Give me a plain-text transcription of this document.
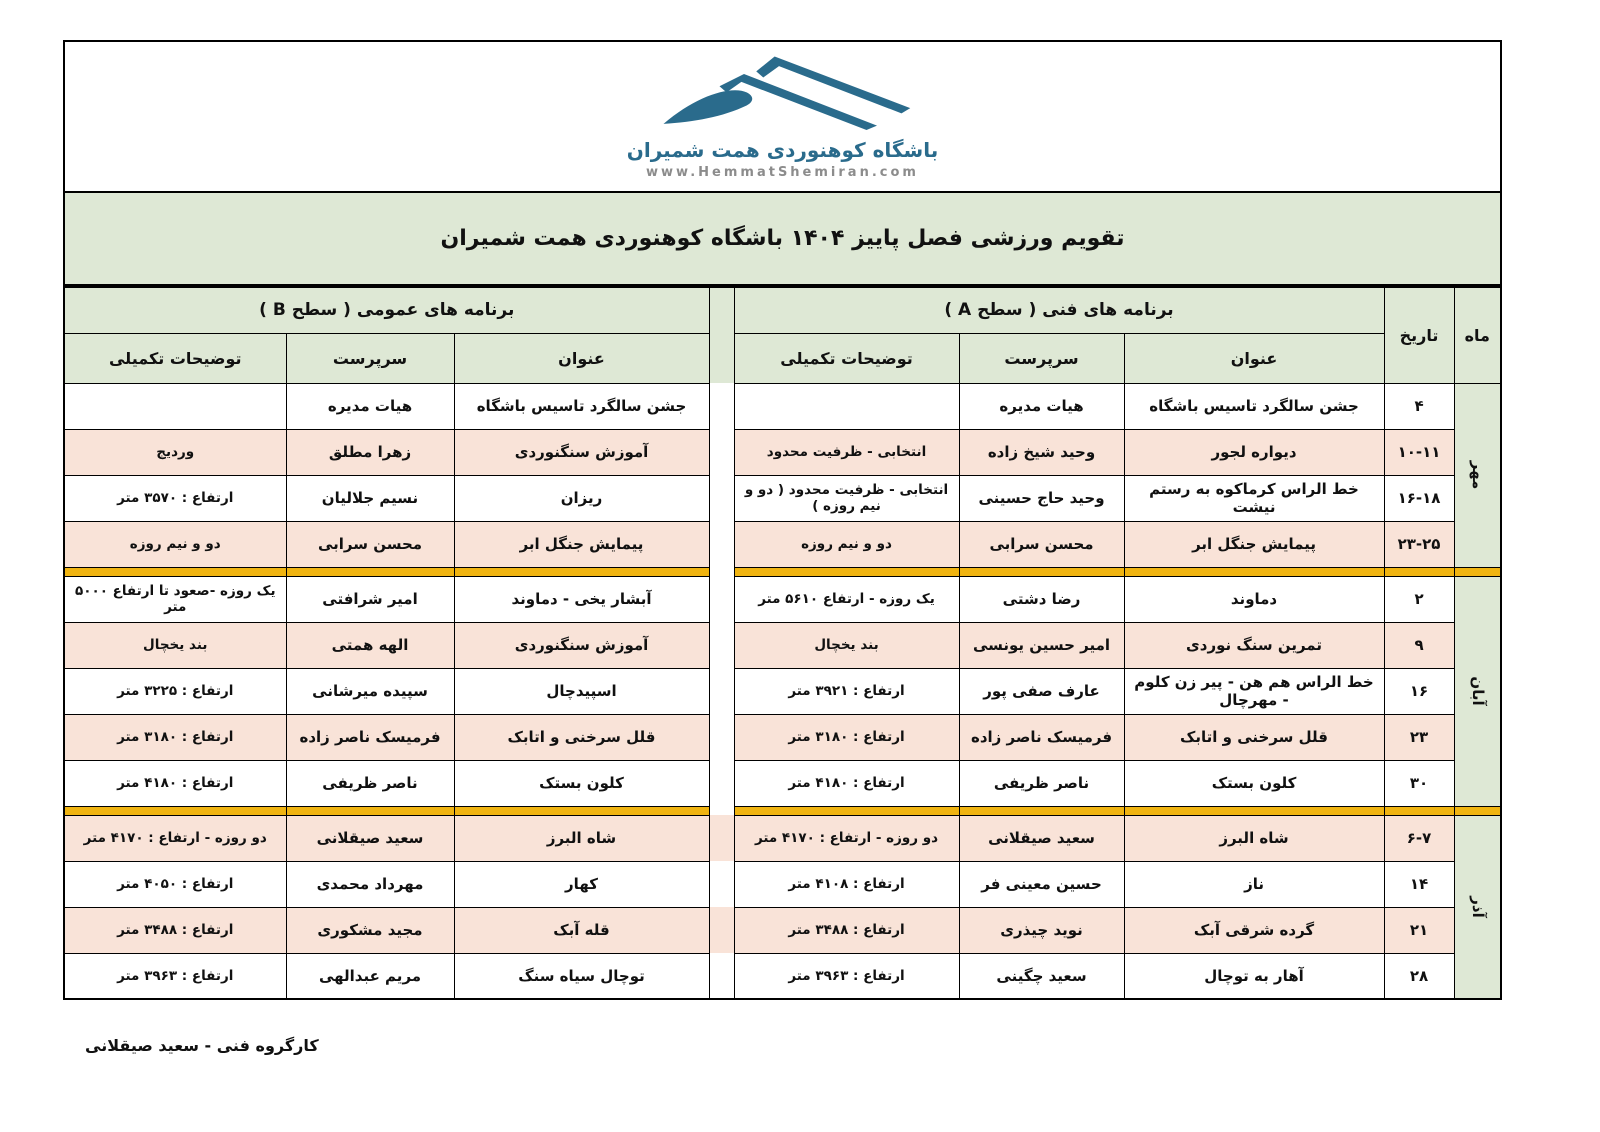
باشگاه کوهنوردی همت شمیران
www.HemmatShemiran.com
تقویم ورزشی فصل پاییز ۱۴۰۴ باشگاه کوهنوردی همت شمیران
ماه	تاریخ	برنامه های فنی ( سطح A )				برنامه های عمومی ( سطح B )		
		عنوان	سرپرست	توضیحات تکمیلی		عنوان	سرپرست	توضیحات تکمیلی

مهر	۴	جشن سالگرد تاسیس باشگاه	هیات مدیره			جشن سالگرد تاسیس باشگاه	هیات مدیره	
	۱۰-۱۱	دیواره لجور	وحید شیخ زاده	انتخابی - ظرفیت محدود		آموزش سنگنوردی	زهرا مطلق	وردیج
	۱۶-۱۸	خط الراس کرماکوه به رستم نیشت	وحید حاج حسینی	انتخابی - ظرفیت محدود ( دو و نیم روزه )		ریزان	نسیم جلالیان	ارتفاع : ۳۵۷۰ متر
	۲۳-۲۵	پیمایش جنگل ابر	محسن سرابی	دو و نیم روزه		پیمایش جنگل ابر	محسن سرابی	دو و نیم روزه

آبان	۲	دماوند	رضا دشتی	یک روزه - ارتفاع ۵۶۱۰ متر		آبشار یخی - دماوند	امیر شرافتی	یک روزه -صعود تا ارتفاع ۵۰۰۰ متر
	۹	تمرین سنگ نوردی	امیر حسین یونسی	بند یخچال		آموزش سنگنوردی	الهه همتی	بند یخچال
	۱۶	خط الراس هم هن - پیر زن کلوم - مهرچال	عارف صفی پور	ارتفاع : ۳۹۲۱ متر		اسپیدچال	سپیده میرشانی	ارتفاع : ۳۲۲۵ متر
	۲۳	قلل سرخنی و اتابک	فرمیسک ناصر زاده	ارتفاع : ۳۱۸۰ متر		قلل سرخنی و اتابک	فرمیسک ناصر زاده	ارتفاع : ۳۱۸۰ متر
	۳۰	کلون بستک	ناصر ظریفی	ارتفاع : ۴۱۸۰ متر		کلون بستک	ناصر ظریفی	ارتفاع : ۴۱۸۰ متر

آذر	۶-۷	شاه البرز	سعید صیقلانی	دو روزه - ارتفاع : ۴۱۷۰ متر		شاه البرز	سعید صیقلانی	دو روزه - ارتفاع : ۴۱۷۰ متر
	۱۴	ناز	حسین معینی فر	ارتفاع : ۴۱۰۸ متر		کهار	مهرداد محمدی	ارتفاع : ۴۰۵۰ متر
	۲۱	گرده شرقی آبک	نوید چیذری	ارتفاع : ۳۴۸۸ متر		قله آبک	مجید مشکوری	ارتفاع : ۳۴۸۸ متر
	۲۸	آهار به توچال	سعید چگینی	ارتفاع : ۳۹۶۳ متر		توچال سیاه سنگ	مریم عبدالهی	ارتفاع : ۳۹۶۳ متر
کارگروه فنی - سعید صیقلانی
